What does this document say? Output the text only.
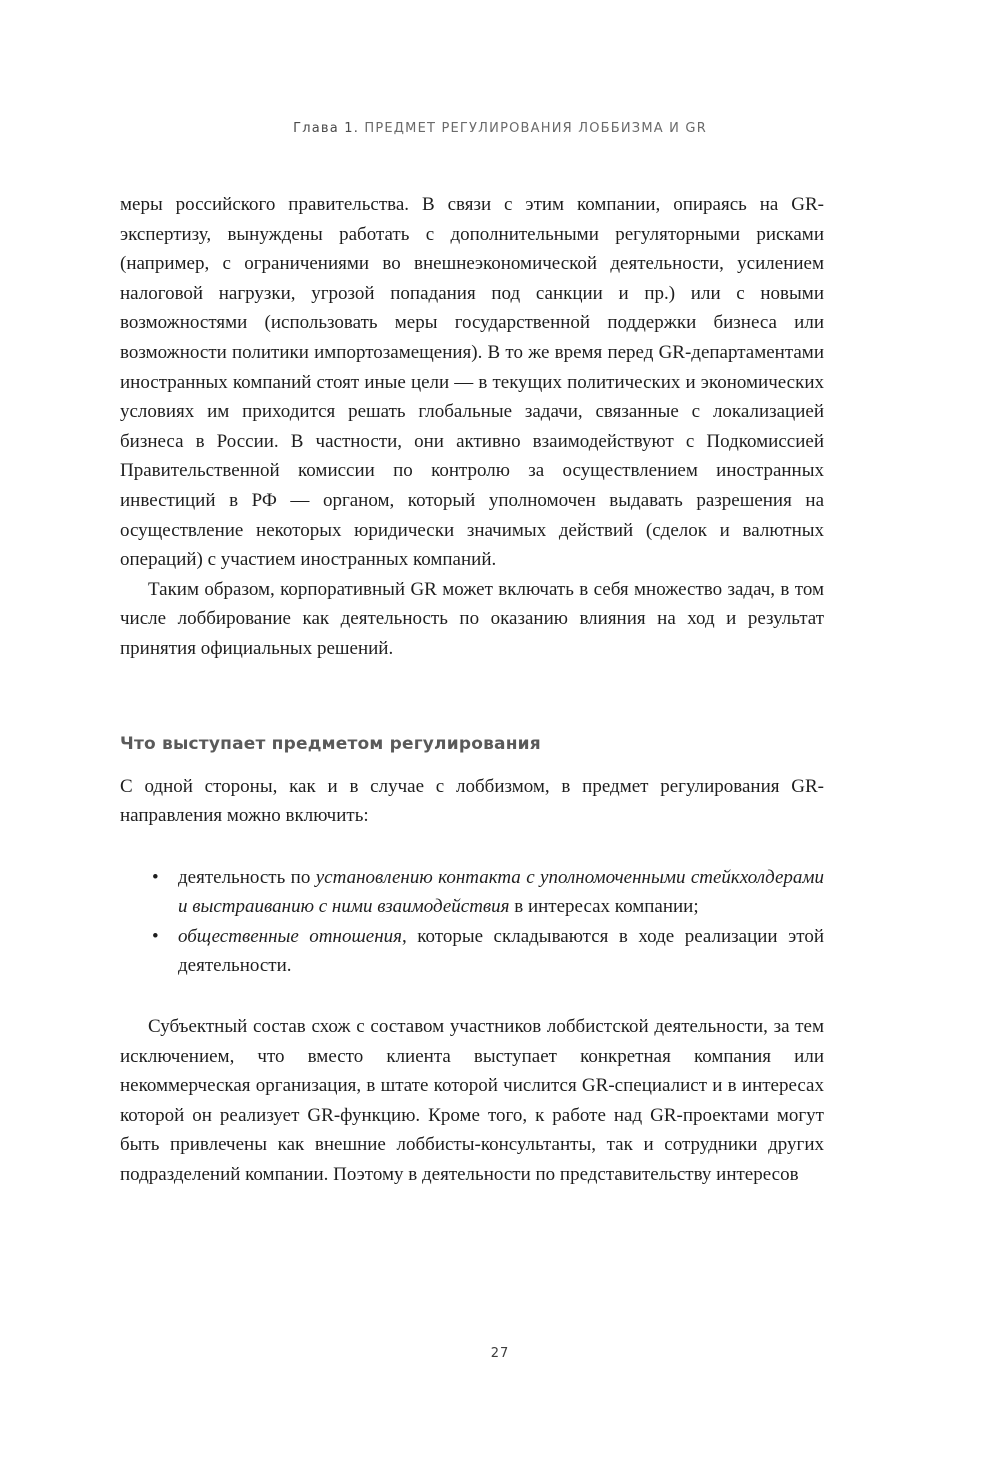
Глава 1. ПРЕДМЕТ РЕГУЛИРОВАНИЯ ЛОББИЗМА И GR

меры российского правительства. В связи с этим компании, опираясь на GR-экспертизу, вынуждены работать с дополнительными регуляторными рисками (например, с ограничениями во внешнеэкономической деятельности, усилением налоговой нагрузки, угрозой попадания под санкции и пр.) или с новыми возможностями (использовать меры государственной поддержки бизнеса или возможности политики импортозамещения). В то же время перед GR-департаментами иностранных компаний стоят иные цели — в текущих политических и экономических условиях им приходится решать глобальные задачи, связанные с локализацией бизнеса в России. В частности, они активно взаимодействуют с Подкомиссией Правительственной комиссии по контролю за осуществлением иностранных инвестиций в РФ — органом, который уполномочен выдавать разрешения на осуществление некоторых юридически значимых действий (сделок и валютных операций) с участием иностранных компаний.

Таким образом, корпоративный GR может включать в себя множество задач, в том числе лоббирование как деятельность по оказанию влияния на ход и результат принятия официальных решений.

Что выступает предметом регулирования

С одной стороны, как и в случае с лоббизмом, в предмет регулирования GR-направления можно включить:

• деятельность по установлению контакта с уполномоченными стейкхолдерами и выстраиванию с ними взаимодействия в интересах компании;
• общественные отношения, которые складываются в ходе реализации этой деятельности.

Субъектный состав схож с составом участников лоббистской деятельности, за тем исключением, что вместо клиента выступает конкретная компания или некоммерческая организация, в штате которой числится GR-специалист и в интересах которой он реализует GR-функцию. Кроме того, к работе над GR-проектами могут быть привлечены как внешние лоббисты-консультанты, так и сотрудники других подразделений компании. Поэтому в деятельности по представительству интересов

27
